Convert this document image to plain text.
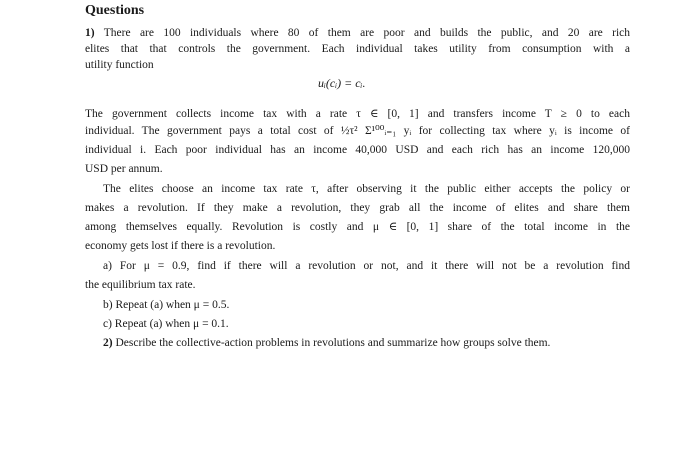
Questions
1) There are 100 individuals where 80 of them are poor and builds the public, and 20 are rich
elites that that controls the government. Each individual takes utility from consumption with a
utility function
uᵢ(cᵢ) = cᵢ.
The government collects income tax with a rate τ ∈ [0, 1] and transfers income T ≥ 0 to each
individual. The government pays a total cost of ½τ² Σ¹⁰⁰ᵢ₌₁ yᵢ for collecting tax where yᵢ is income of
individual i. Each poor individual has an income 40,000 USD and each rich has an income 120,000
USD per annum.
The elites choose an income tax rate τ, after observing it the public either accepts the policy or
makes a revolution. If they make a revolution, they grab all the income of elites and share them
among themselves equally. Revolution is costly and μ ∈ [0, 1] share of the total income in the
economy gets lost if there is a revolution.
a) For μ = 0.9, find if there will a revolution or not, and it there will not be a revolution find
the equilibrium tax rate.
b) Repeat (a) when μ = 0.5.
c) Repeat (a) when μ = 0.1.
2) Describe the collective-action problems in revolutions and summarize how groups solve them.
